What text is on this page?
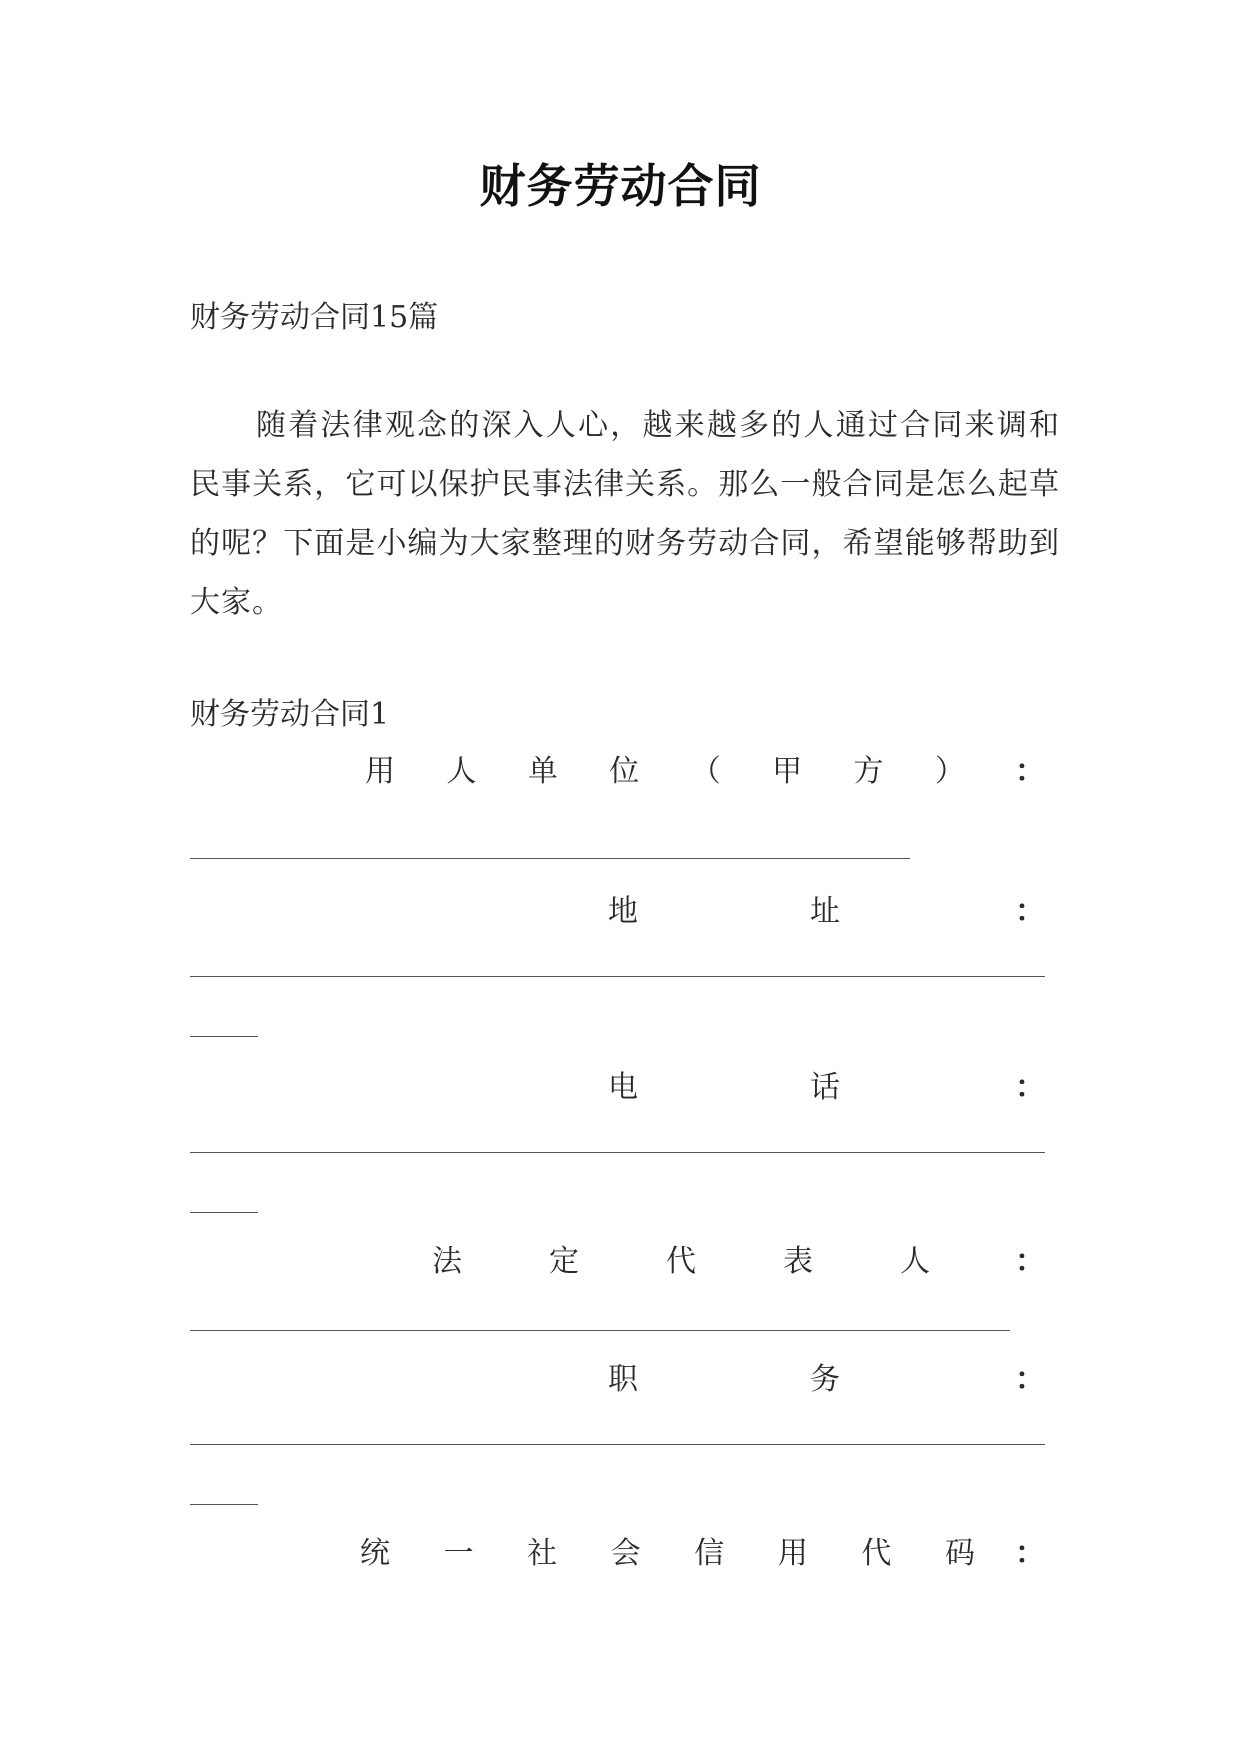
财务劳动合同
财务劳动合同15篇
随着法律观念的深入人心，越来越多的人通过合同来调和民事关系，它可以保护民事法律关系。那么一般合同是怎么起草的呢？下面是小编为大家整理的财务劳动合同，希望能够帮助到大家。
财务劳动合同1
用 人 单 位 （ 甲 方 ） ：
地	址	：
电	话	：
法	定	代	表	人	：
职	务	：
统 一 社 会 信 用 代 码 ：
